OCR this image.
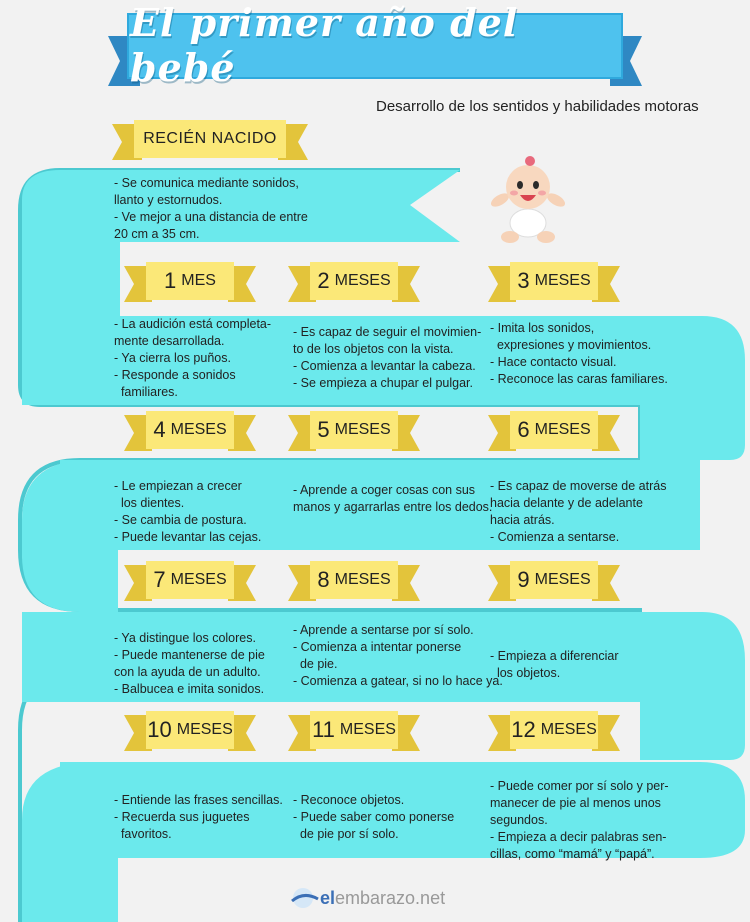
El primer año del bebé
Desarrollo de los sentidos y habilidades motoras
RECIÉN NACIDO
- Se comunica mediante sonidos,
llanto y estornudos.
- Ve mejor a una distancia de entre
20 cm a 35 cm.
1 MES
- La audición está completa-
mente desarrollada.
- Ya cierra los puños.
- Responde a sonidos
familiares.
2 MESES
- Es capaz de seguir el movimien-
to de los objetos con la vista.
- Comienza a levantar la cabeza.
- Se empieza a chupar el pulgar.
3 MESES
- Imita los sonidos,
expresiones y movimientos.
- Hace contacto visual.
- Reconoce las caras familiares.
4 MESES
- Le empiezan a crecer
los dientes.
- Se cambia de postura.
- Puede levantar las cejas.
5 MESES
- Aprende a coger cosas con sus
manos y agarrarlas entre los dedos.
6 MESES
- Es capaz de moverse de atrás
hacia delante y de adelante
hacia atrás.
- Comienza a sentarse.
7 MESES
- Ya distingue los colores.
- Puede mantenerse de pie
con la ayuda de un adulto.
- Balbucea e imita sonidos.
8 MESES
- Aprende a sentarse por sí solo.
- Comienza a intentar ponerse
de pie.
- Comienza a gatear, si no lo hace ya.
9 MESES
- Empieza a diferenciar
los objetos.
10 MESES
- Entiende las frases sencillas.
- Recuerda sus juguetes
favoritos.
11 MESES
- Reconoce objetos.
- Puede saber como ponerse
de pie por sí solo.
12 MESES
- Puede comer por sí solo y per-
manecer de pie al menos unos
segundos.
- Empieza a decir palabras sen-
cillas, como “mamá” y “papá”.
el embarazo.net
